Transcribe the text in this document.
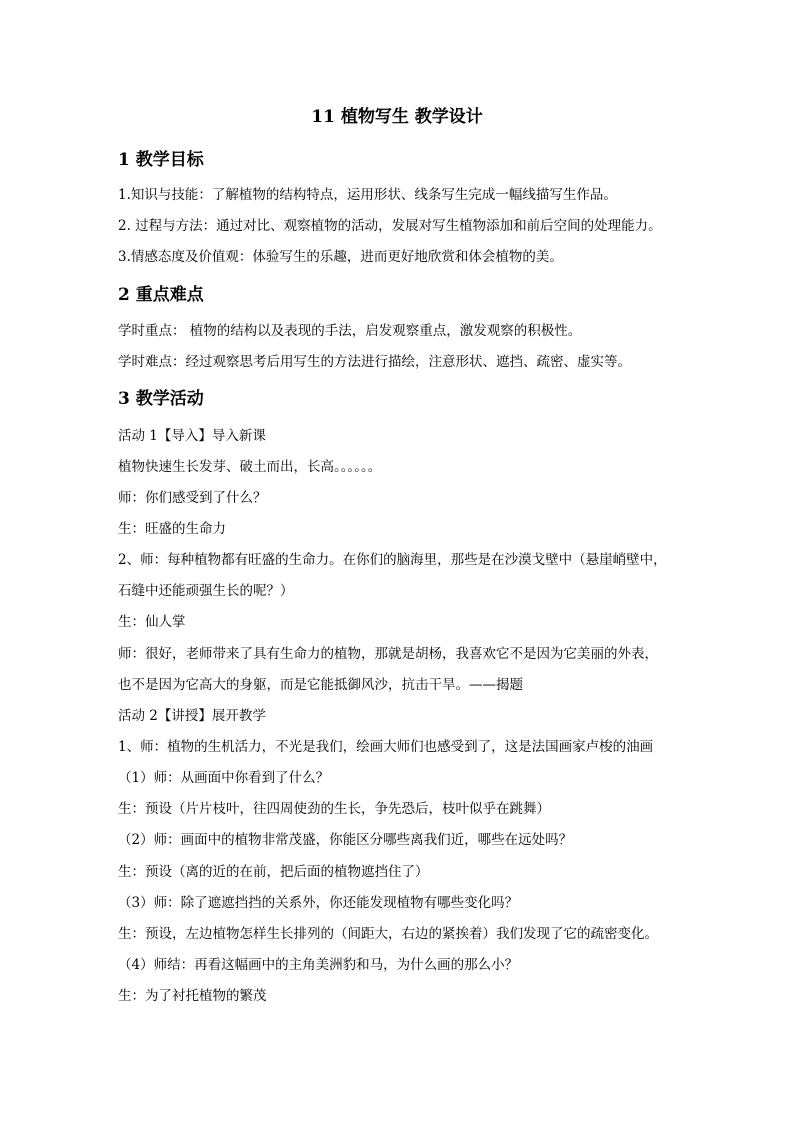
11 植物写生 教学设计
1 教学目标
1.知识与技能：了解植物的结构特点，运用形状、线条写生完成一幅线描写生作品。
2. 过程与方法：通过对比、观察植物的活动，发展对写生植物添加和前后空间的处理能力。
3.情感态度及价值观：体验写生的乐趣，进而更好地欣赏和体会植物的美。
2 重点难点
学时重点： 植物的结构以及表现的手法，启发观察重点，激发观察的积极性。
学时难点：经过观察思考后用写生的方法进行描绘，注意形状、遮挡、疏密、虚实等。
3 教学活动
活动 1【导入】导入新课
植物快速生长发芽、破土而出，长高。。。。。。
师：你们感受到了什么？
生：旺盛的生命力
2、师：每种植物都有旺盛的生命力。在你们的脑海里，那些是在沙漠戈壁中（悬崖峭壁中，
石缝中还能顽强生长的呢？）
生：仙人掌
师：很好，老师带来了具有生命力的植物，那就是胡杨，我喜欢它不是因为它美丽的外表，
也不是因为它高大的身躯，而是它能抵御风沙，抗击干旱。——揭题
活动 2【讲授】展开教学
1、师：植物的生机活力，不光是我们，绘画大师们也感受到了，这是法国画家卢梭的油画
（1）师：从画面中你看到了什么？
生：预设（片片枝叶，往四周使劲的生长，争先恐后，枝叶似乎在跳舞）
（2）师：画面中的植物非常茂盛，你能区分哪些离我们近，哪些在远处吗？
生：预设（离的近的在前，把后面的植物遮挡住了）
（3）师：除了遮遮挡挡的关系外，你还能发现植物有哪些变化吗？
生：预设，左边植物怎样生长排列的（间距大，右边的紧挨着）我们发现了它的疏密变化。
（4）师结：再看这幅画中的主角美洲豹和马，为什么画的那么小？
生：为了衬托植物的繁茂
